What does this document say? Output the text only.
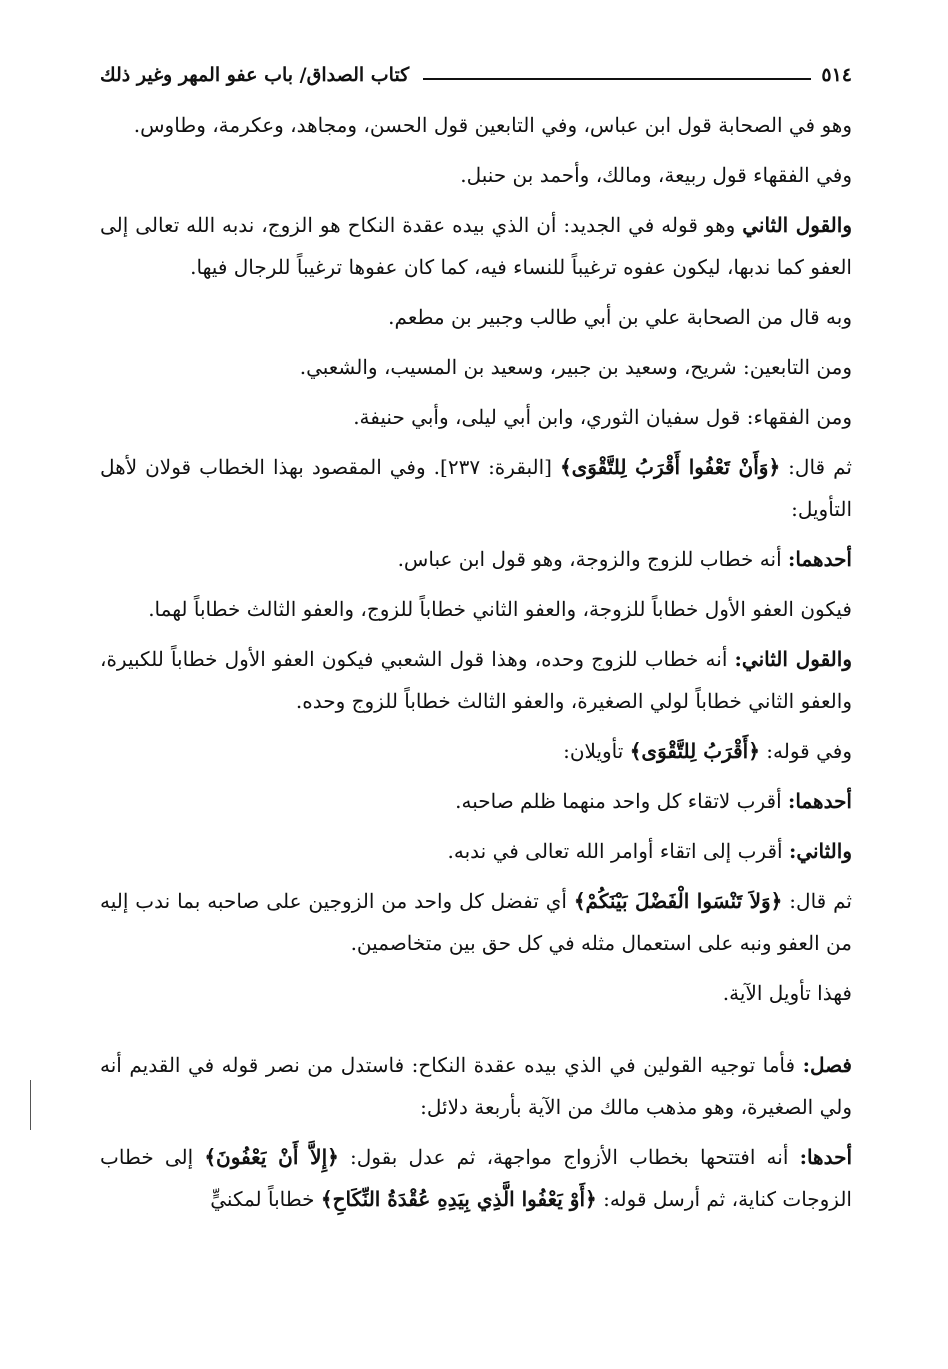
٥١٤
كتاب الصداق/ باب عفو المهر وغير ذلك

وهو في الصحابة قول ابن عباس، وفي التابعين قول الحسن، ومجاهد، وعكرمة، وطاوس.

وفي الفقهاء قول ربيعة، ومالك، وأحمد بن حنبل.

والقول الثاني وهو قوله في الجديد: أن الذي بيده عقدة النكاح هو الزوج، ندبه الله تعالى إلى العفو كما ندبها، ليكون عفوه ترغيباً للنساء فيه، كما كان عفوها ترغيباً للرجال فيها.

وبه قال من الصحابة علي بن أبي طالب وجبير بن مطعم.

ومن التابعين: شريح، وسعيد بن جبير، وسعيد بن المسيب، والشعبي.

ومن الفقهاء: قول سفيان الثوري، وابن أبي ليلى، وأبي حنيفة.

ثم قال: ﴿وَأَنْ تَعْفُوا أَقْرَبُ لِلتَّقْوَى﴾ [البقرة: ٢٣٧]. وفي المقصود بهذا الخطاب قولان لأهل التأويل:

أحدهما: أنه خطاب للزوج والزوجة، وهو قول ابن عباس.

فيكون العفو الأول خطاباً للزوجة، والعفو الثاني خطاباً للزوج، والعفو الثالث خطاباً لهما.

والقول الثاني: أنه خطاب للزوج وحده، وهذا قول الشعبي فيكون العفو الأول خطاباً للكبيرة، والعفو الثاني خطاباً لولي الصغيرة، والعفو الثالث خطاباً للزوج وحده.

وفي قوله: ﴿أَقْرَبُ لِلتَّقْوَى﴾ تأويلان:

أحدهما: أقرب لاتقاء كل واحد منهما ظلم صاحبه.

والثاني: أقرب إلى اتقاء أوامر الله تعالى في ندبه.

ثم قال: ﴿وَلاَ تَنْسَوا الْفَضْلَ بَيْنَكُمْ﴾ أي تفضل كل واحد من الزوجين على صاحبه بما ندب إليه من العفو ونبه على استعمال مثله في كل حق بين متخاصمين.

فهذا تأويل الآية.

فصل: فأما توجيه القولين في الذي بيده عقدة النكاح: فاستدل من نصر قوله في القديم أنه ولي الصغيرة، وهو مذهب مالك من الآية بأربعة دلائل:

أحدها: أنه افتتحها بخطاب الأزواج مواجهة، ثم عدل بقول: ﴿إِلاَّ أَنْ يَعْفُونَ﴾ إلى خطاب الزوجات كناية، ثم أرسل قوله: ﴿أَوْ يَعْفُوا الَّذِي بِيَدِهِ عُقْدَةُ النِّكَاحِ﴾ خطاباً لمكنيٍّ
